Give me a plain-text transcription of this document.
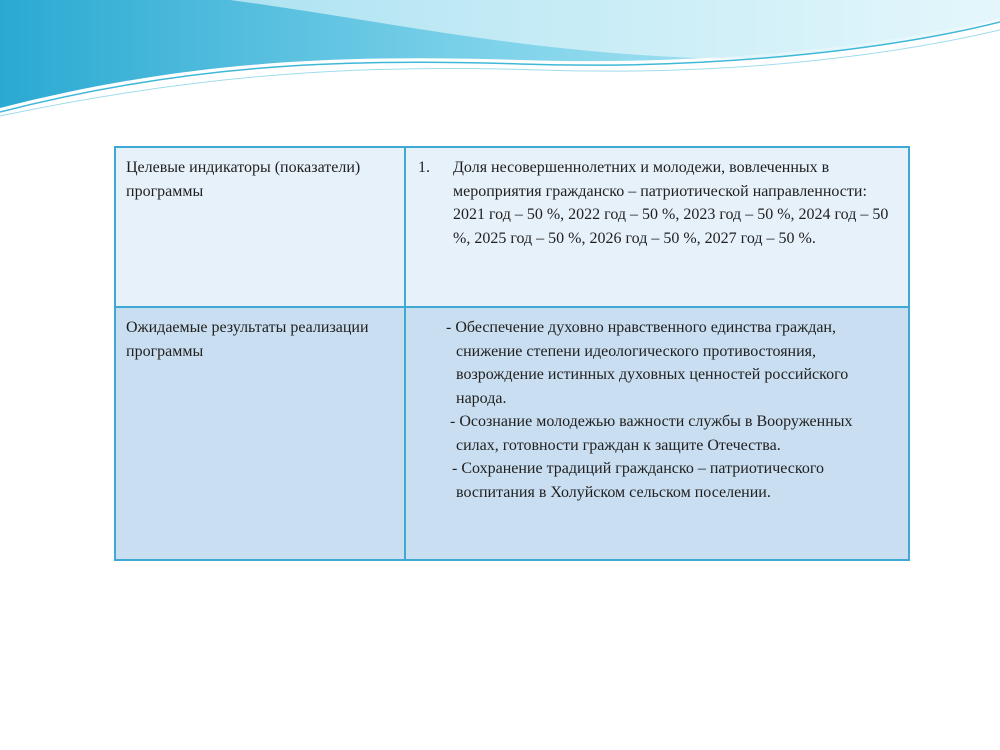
Целевые индикаторы (показатели) программы	1. Доля несовершеннолетних и молодежи, вовлеченных в мероприятия гражданско – патриотической направленности: 2021 год – 50 %, 2022 год – 50 %, 2023 год – 50 %, 2024 год – 50 %, 2025 год – 50 %, 2026 год – 50 %, 2027 год – 50 %.

Ожидаемые результаты реализации программы	- Обеспечение духовно нравственного единства граждан, снижение степени идеологического противостояния, возрождение истинных духовных ценностей российского народа.

- Осознание молодежью важности службы в Вооруженных силах, готовности граждан к защите Отечества.

- Сохранение традиций гражданско – патриотического воспитания в Холуйском сельском поселении.
